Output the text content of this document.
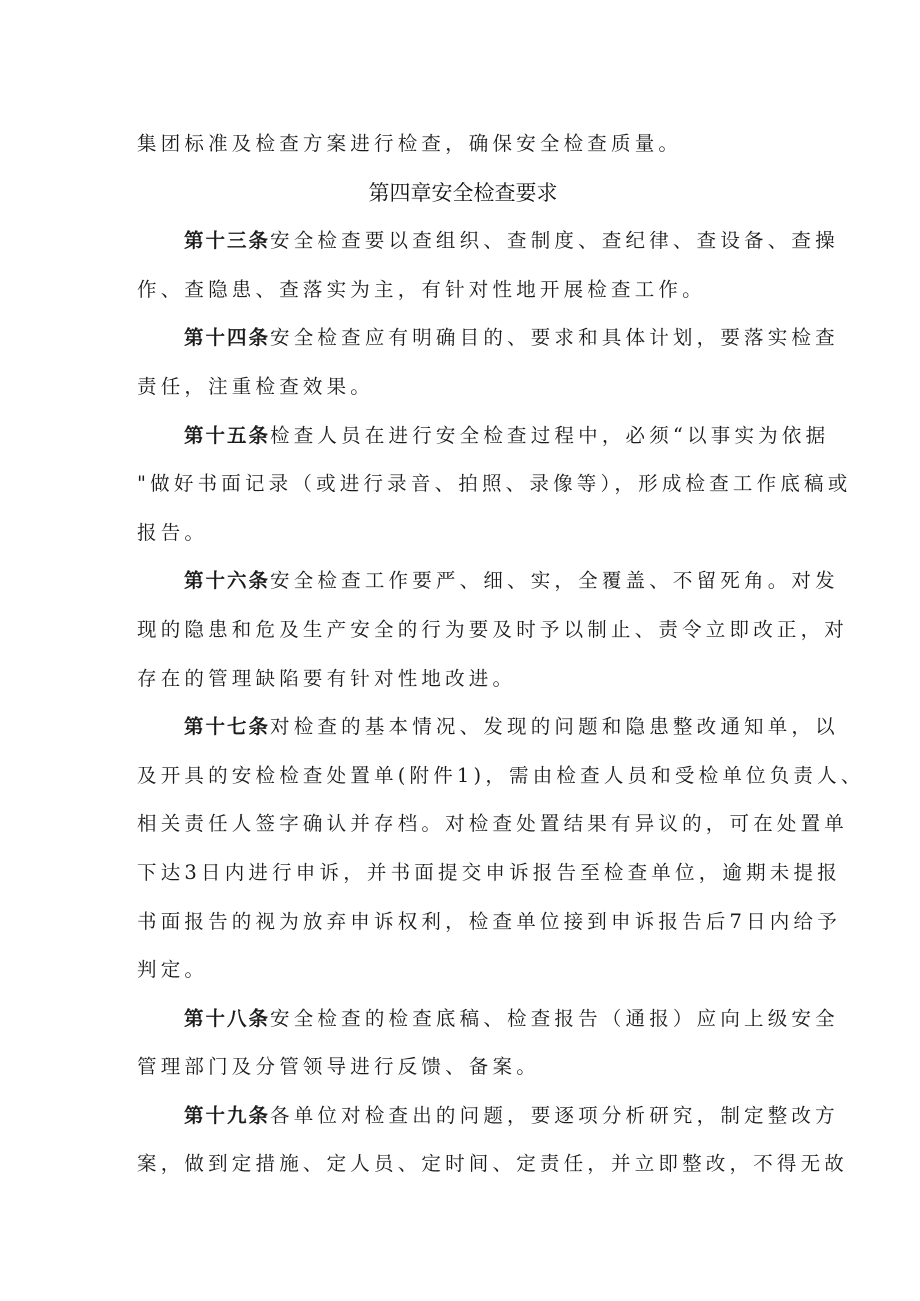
集团标准及检查方案进行检查，确保安全检查质量。
第四章安全检查要求
第十三条安全检查要以查组织、查制度、查纪律、查设备、查操
作、查隐患、查落实为主，有针对性地开展检查工作。
第十四条安全检查应有明确目的、要求和具体计划，要落实检查
责任，注重检查效果。
第十五条检查人员在进行安全检查过程中，必须“以事实为依据
"做好书面记录（或进行录音、拍照、录像等），形成检查工作底稿或
报告。
第十六条安全检查工作要严、细、实，全覆盖、不留死角。对发
现的隐患和危及生产安全的行为要及时予以制止、责令立即改正，对
存在的管理缺陷要有针对性地改进。
第十七条对检查的基本情况、发现的问题和隐患整改通知单，以
及开具的安检检查处置单(附件1)，需由检查人员和受检单位负责人、
相关责任人签字确认并存档。对检查处置结果有异议的，可在处置单
下达3日内进行申诉，并书面提交申诉报告至检查单位，逾期未提报
书面报告的视为放弃申诉权利，检查单位接到申诉报告后7日内给予
判定。
第十八条安全检查的检查底稿、检查报告（通报）应向上级安全
管理部门及分管领导进行反馈、备案。
第十九条各单位对检查出的问题，要逐项分析研究，制定整改方
案，做到定措施、定人员、定时间、定责任，并立即整改，不得无故
